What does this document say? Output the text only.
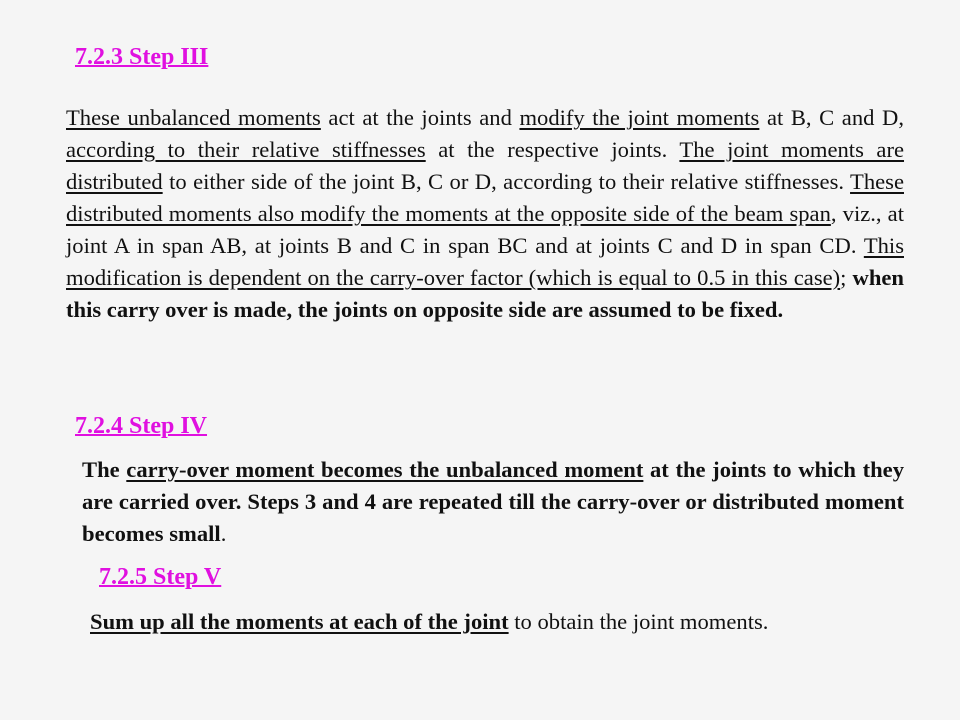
7.2.3 Step III
These unbalanced moments act at the joints and modify the joint moments at B, C and D, according to their relative stiffnesses at the respective joints. The joint moments are distributed to either side of the joint B, C or D, according to their relative stiffnesses. These distributed moments also modify the moments at the opposite side of the beam span, viz., at joint A in span AB, at joints B and C in span BC and at joints C and D in span CD. This modification is dependent on the carry-over factor (which is equal to 0.5 in this case); when this carry over is made, the joints on opposite side are assumed to be fixed.
7.2.4 Step IV
The carry-over moment becomes the unbalanced moment at the joints to which they are carried over. Steps 3 and 4 are repeated till the carry-over or distributed moment becomes small.
7.2.5 Step V
Sum up all the moments at each of the joint to obtain the joint moments.
